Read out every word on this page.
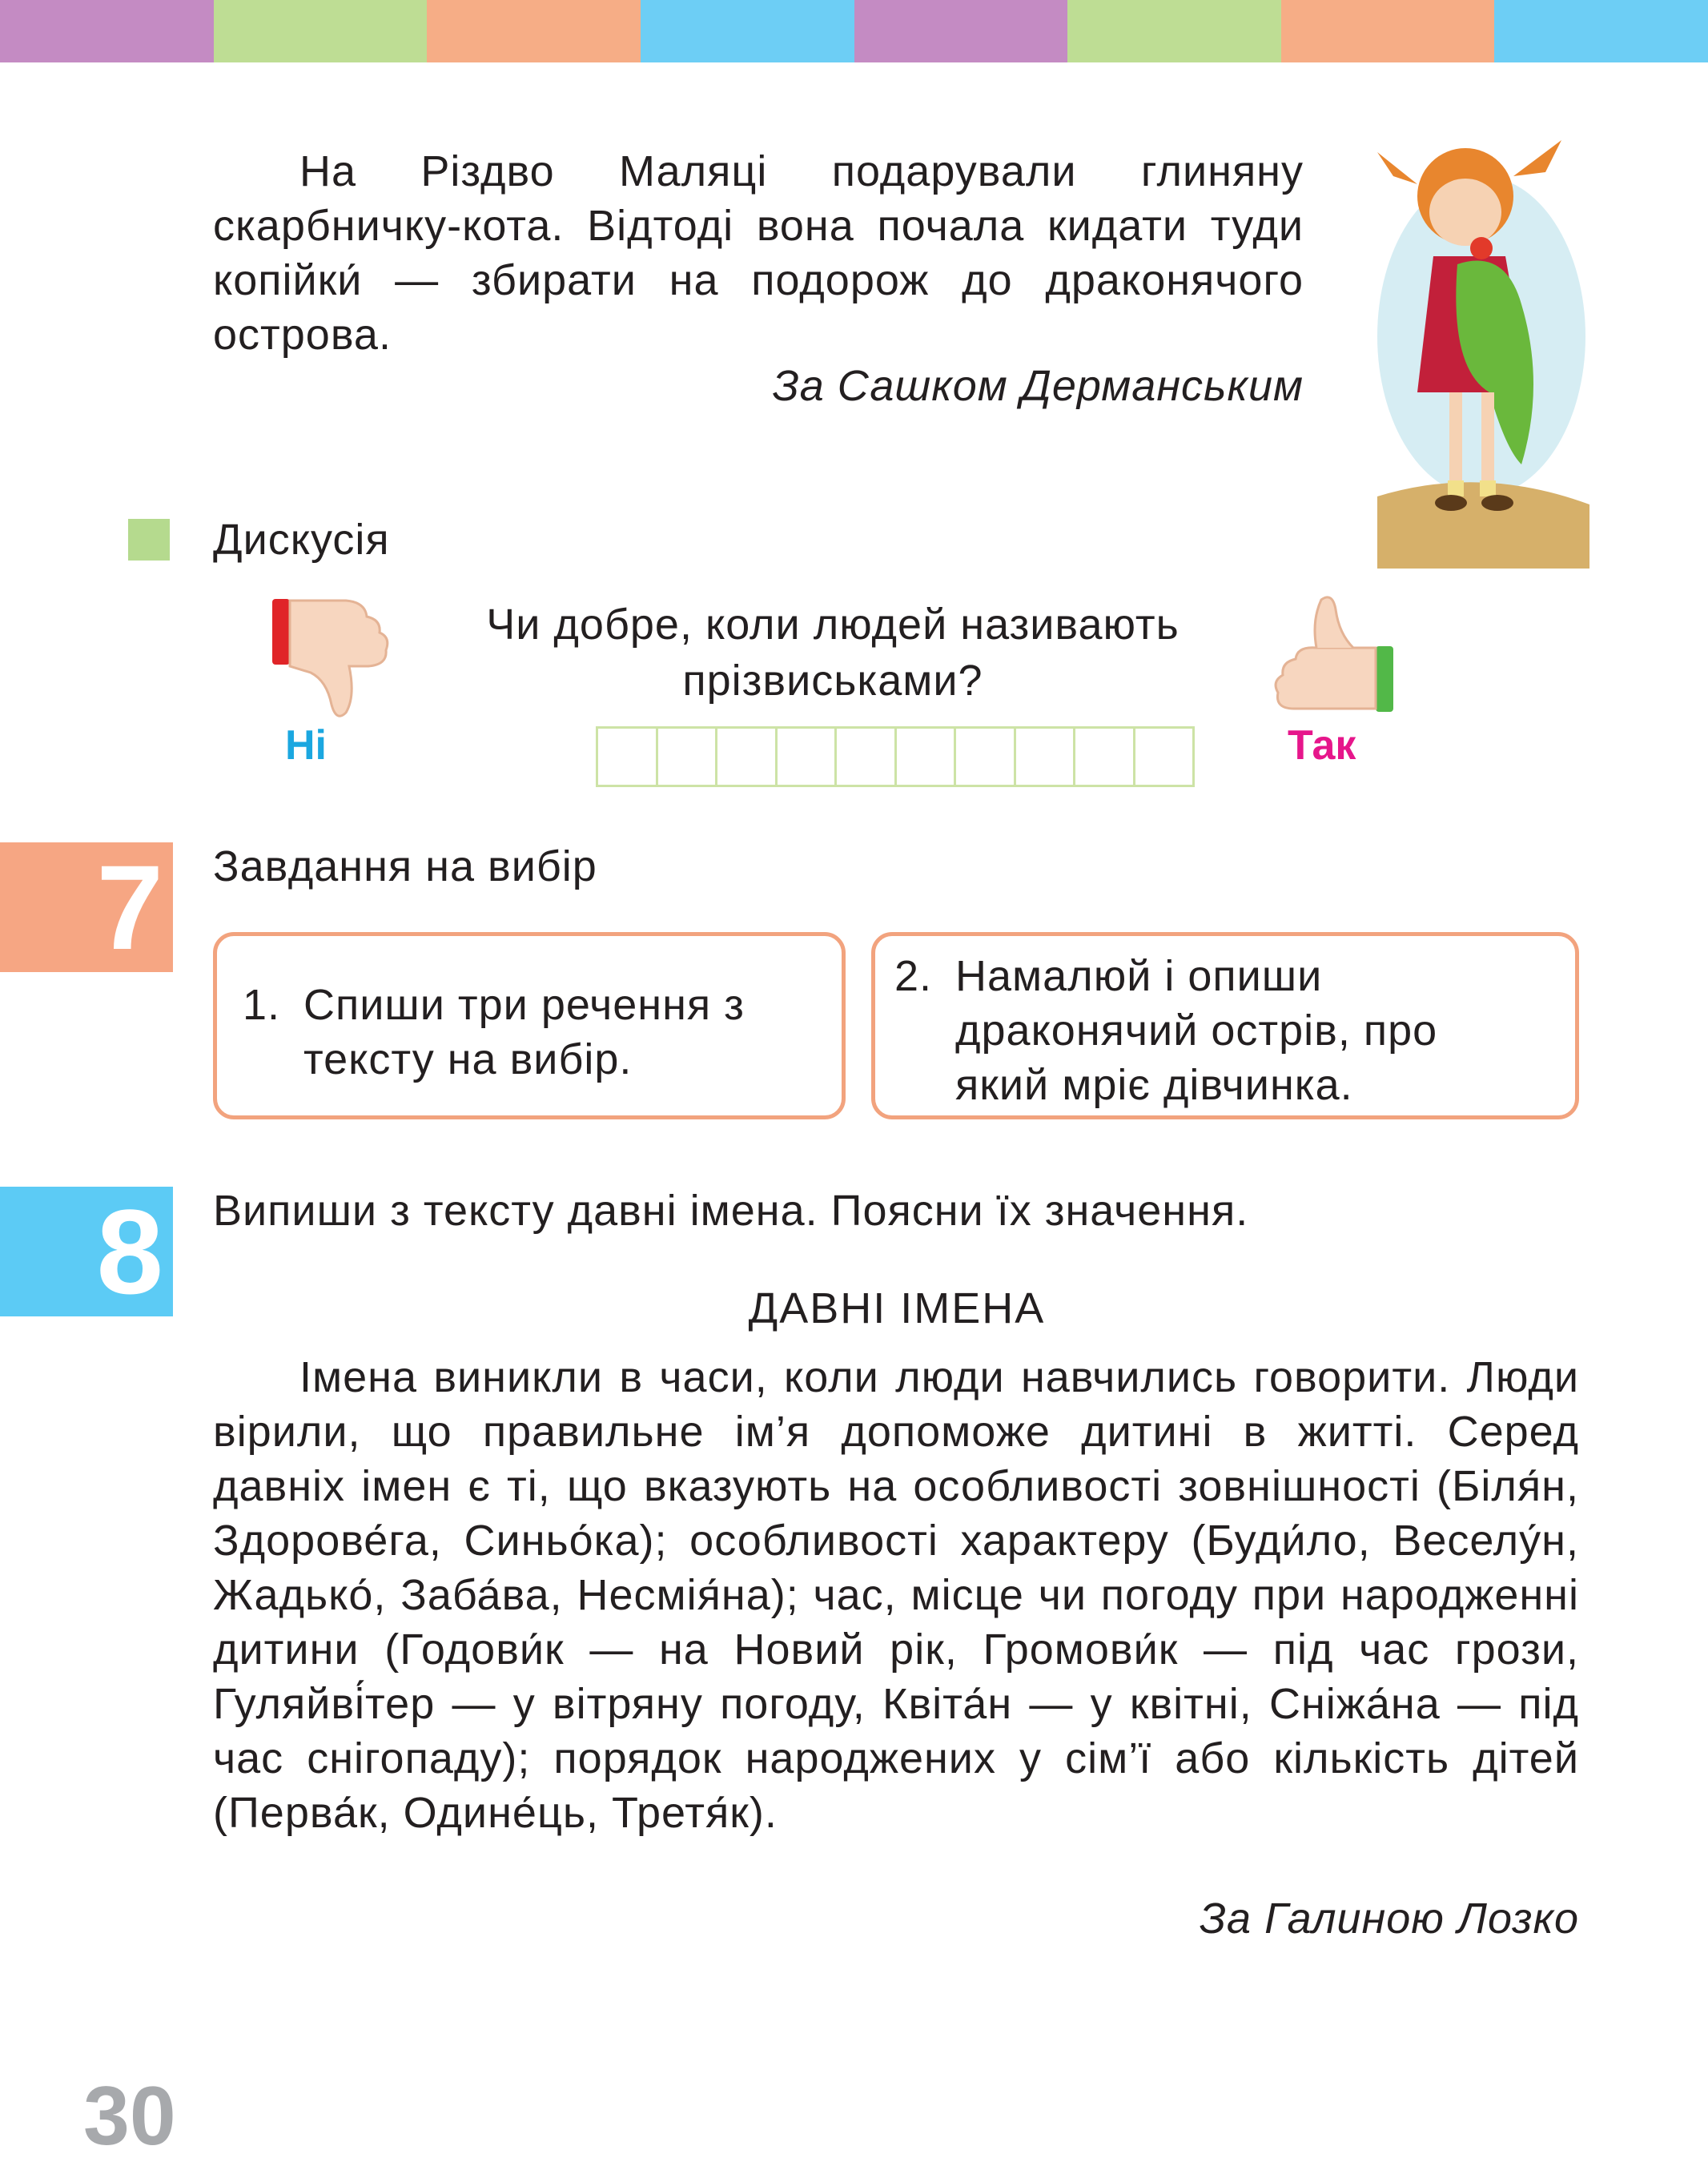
На Різдво Маляці подарували глиняну скарбничку-кота. Відтоді вона почала кидати туди копійки́ — збирати на подорож до драконячого острова.

За Сашком Дерманським
Дискусія
Ні
Чи добре, коли людей називають прізвиськами?
Так
7 Завдання на вибір
1. Спиши три речення з тексту на вибір.
2. Намалюй і опиши драконячий острів, про який мріє дівчинка.
8 Випиши з тексту давні імена. Поясни їх значення.
ДАВНІ ІМЕНА

Імена виникли в часи, коли люди навчились говорити. Люди вірили, що правильне ім’я допоможе дитині в житті. Серед давніх імен є ті, що вказують на особливості зовнішності (Біля́н, Здорове́га, Синьо́ка); особливості характеру (Буди́ло, Веселу́н, Жадько́, Заба́ва, Несмія́на); час, місце чи погоду при народженні дитини (Годови́к — на Новий рік, Громови́к — під час грози, Гуляйві́тер — у вітряну погоду, Квіта́н — у квітні, Сніжа́на — під час снігопаду); порядок народжених у сім’ї або кількість дітей (Перва́к, Одине́ць, Третя́к).

За Галиною Лозко
30
